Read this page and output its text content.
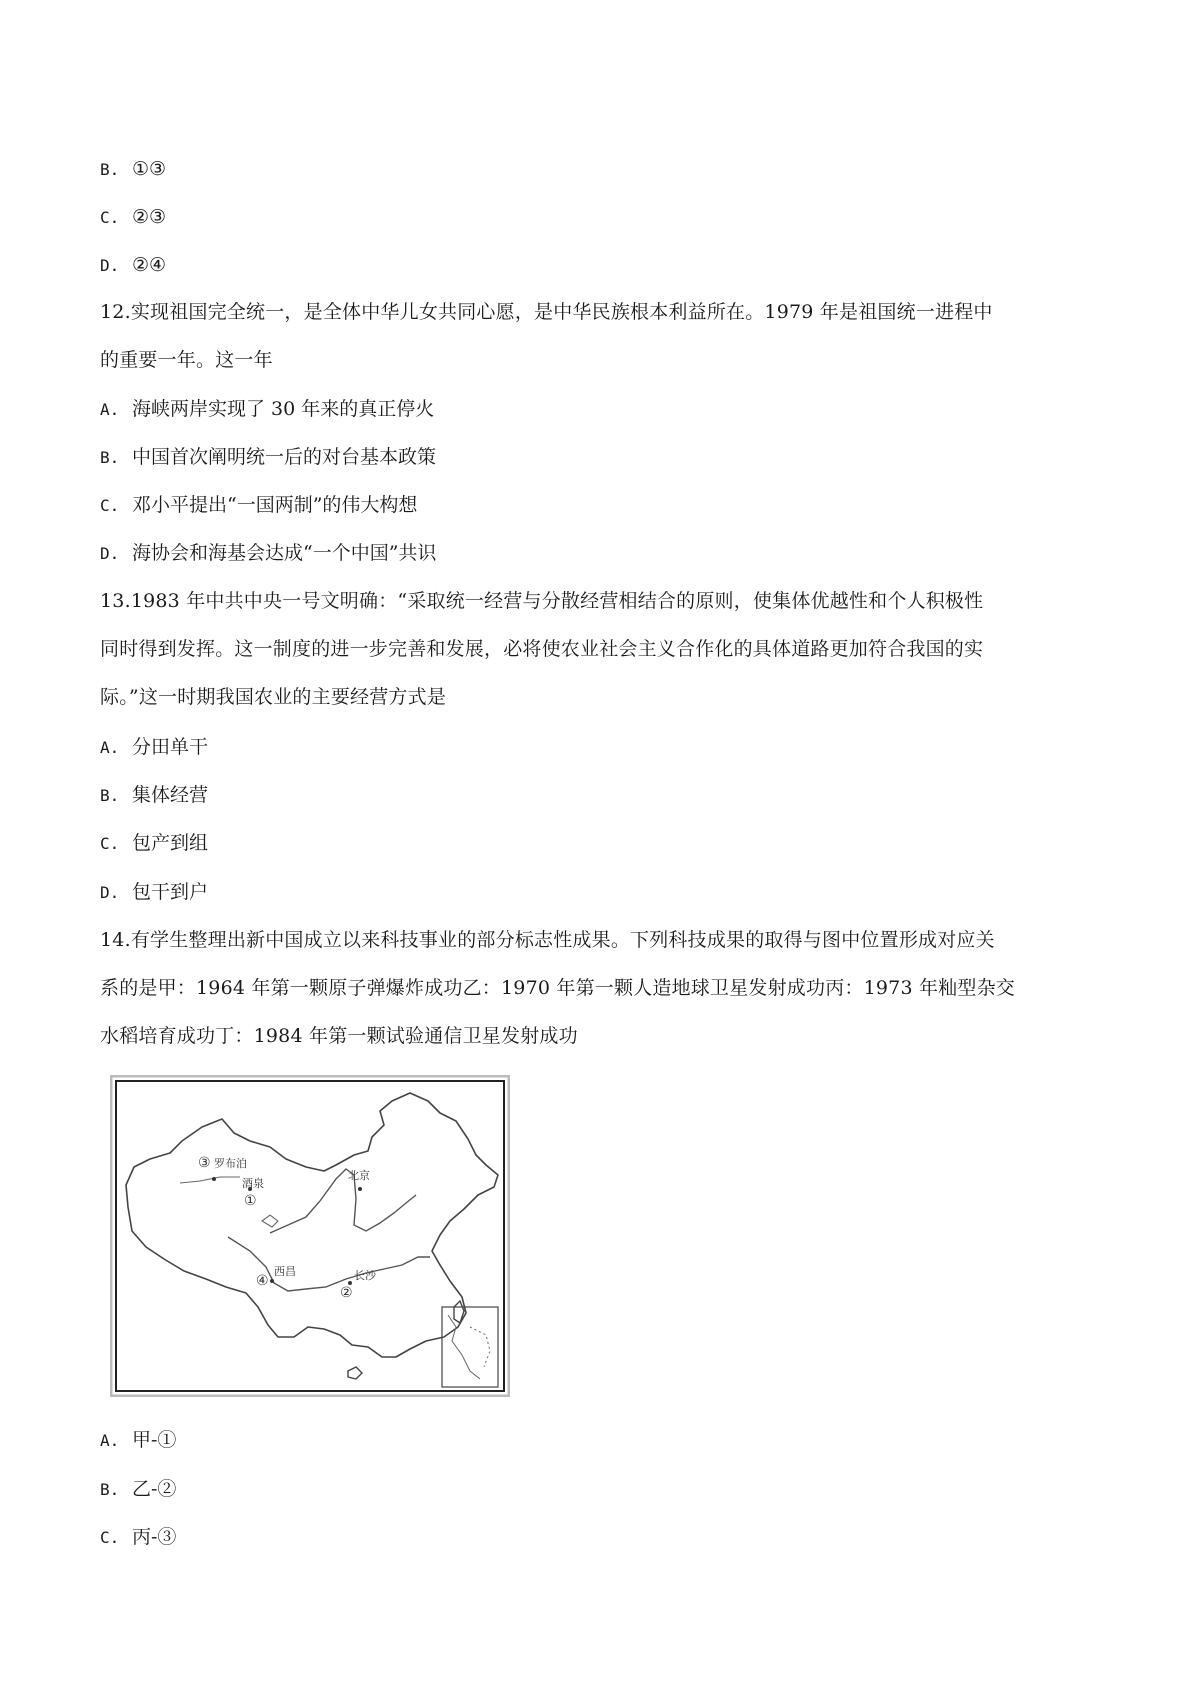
B. ①③
C. ②③
D. ②④
12.实现祖国完全统一，是全体中华儿女共同心愿，是中华民族根本利益所在。1979 年是祖国统一进程中
的重要一年。这一年
A. 海峡两岸实现了 30 年来的真正停火
B. 中国首次阐明统一后的对台基本政策
C. 邓小平提出“一国两制”的伟大构想
D. 海协会和海基会达成“一个中国”共识
13.1983 年中共中央一号文明确：“采取统一经营与分散经营相结合的原则，使集体优越性和个人积极性
同时得到发挥。这一制度的进一步完善和发展，必将使农业社会主义合作化的具体道路更加符合我国的实
际。”这一时期我国农业的主要经营方式是
A. 分田单干
B. 集体经营
C. 包产到组
D. 包干到户
14.有学生整理出新中国成立以来科技事业的部分标志性成果。下列科技成果的取得与图中位置形成对应关
系的是甲：1964 年第一颗原子弹爆炸成功乙：1970 年第一颗人造地球卫星发射成功丙：1973 年籼型杂交
水稻培育成功丁：1984 年第一颗试验通信卫星发射成功
罗布泊
酒泉
北京
西昌	长沙
③
①
④
②
A. 甲-①
B. 乙-②
C. 丙-③
